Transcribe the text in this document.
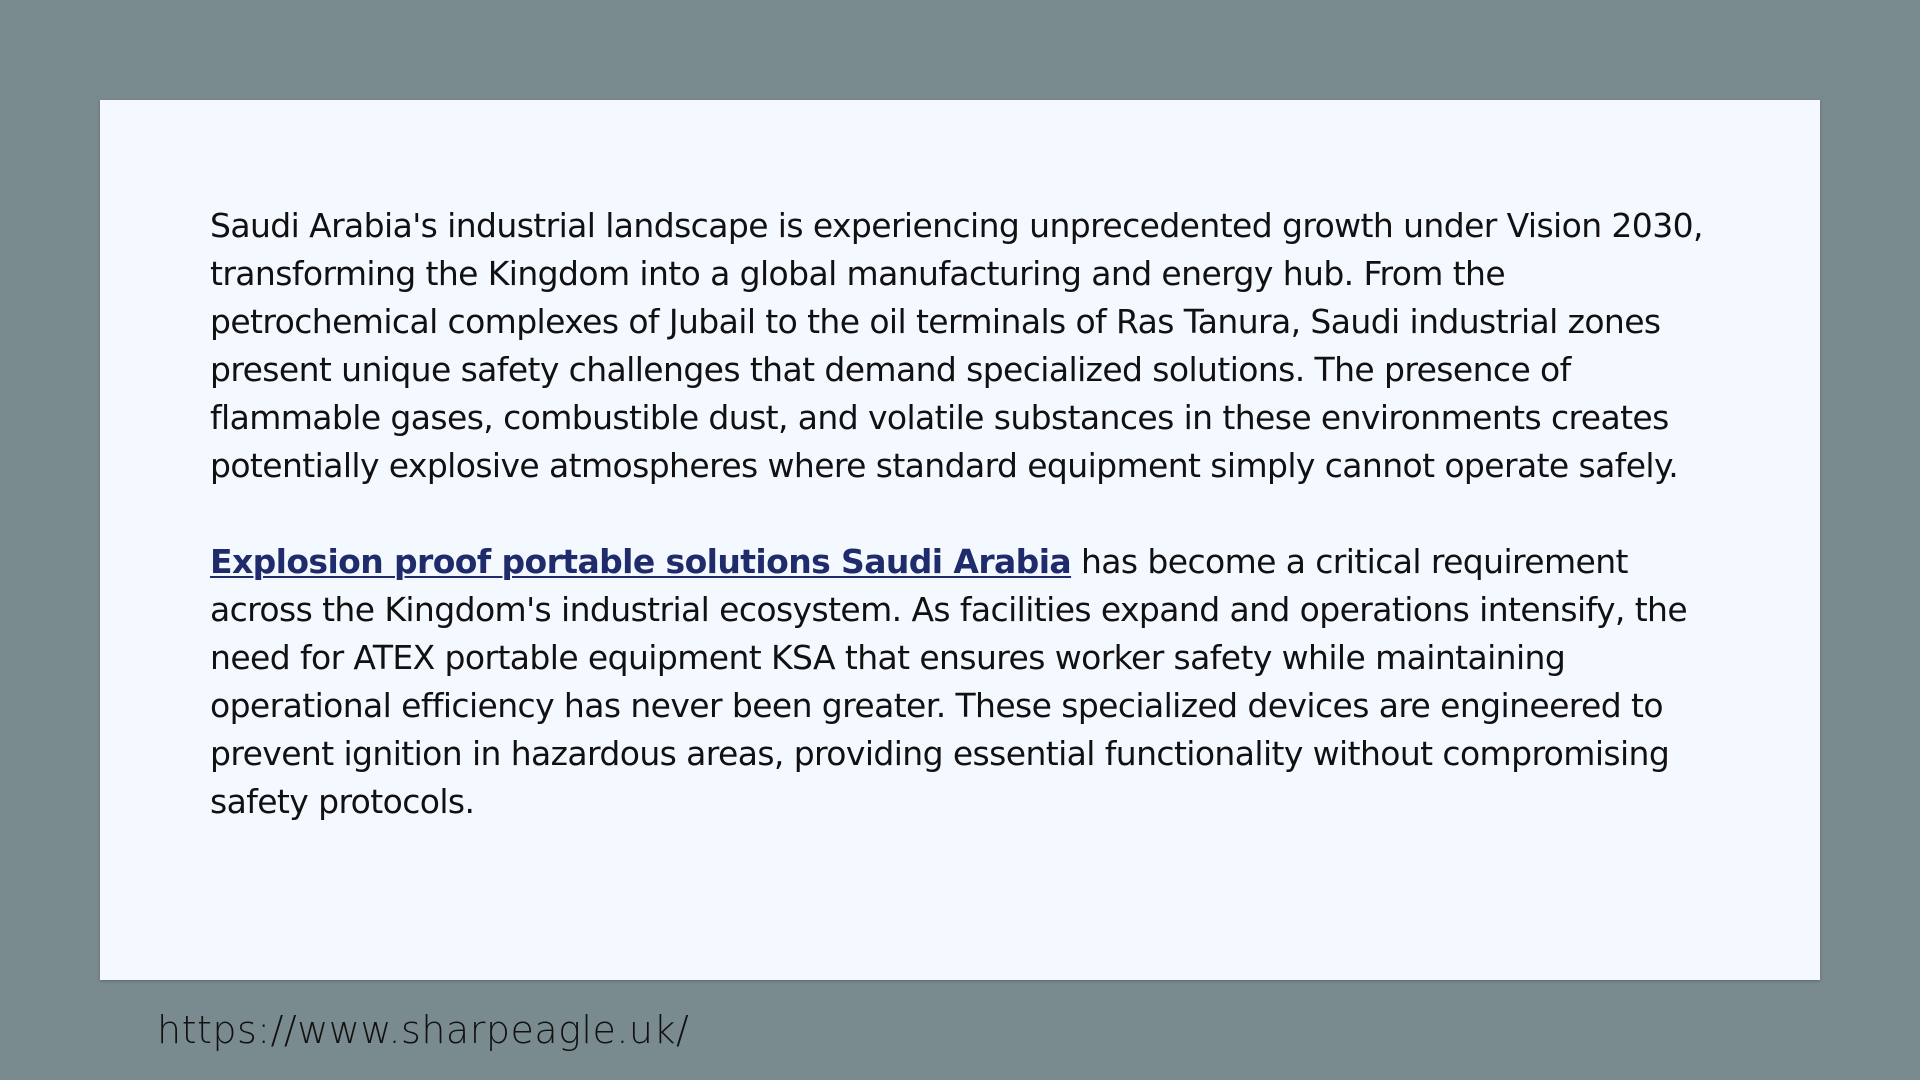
Saudi Arabia's industrial landscape is experiencing unprecedented growth under Vision 2030, transforming the Kingdom into a global manufacturing and energy hub. From the petrochemical complexes of Jubail to the oil terminals of Ras Tanura, Saudi industrial zones present unique safety challenges that demand specialized solutions. The presence of flammable gases, combustible dust, and volatile substances in these environments creates potentially explosive atmospheres where standard equipment simply cannot operate safely.

Explosion proof portable solutions Saudi Arabia has become a critical requirement across the Kingdom's industrial ecosystem. As facilities expand and operations intensify, the need for ATEX portable equipment KSA that ensures worker safety while maintaining operational efficiency has never been greater. These specialized devices are engineered to prevent ignition in hazardous areas, providing essential functionality without compromising safety protocols.

https://www.sharpeagle.uk/
